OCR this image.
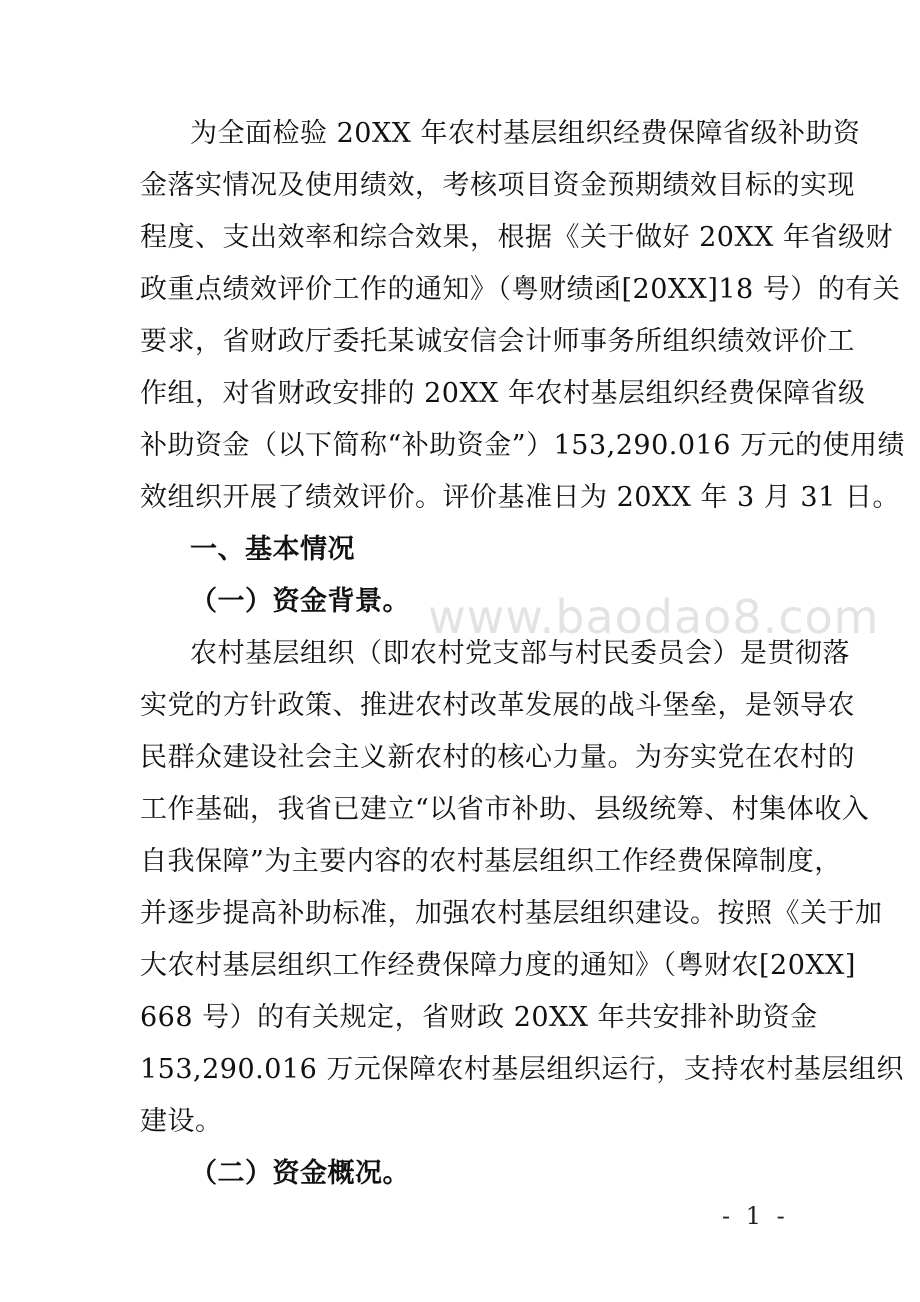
www.baodao8.com
为全面检验 20XX 年农村基层组织经费保障省级补助资
金落实情况及使用绩效，考核项目资金预期绩效目标的实现
程度、支出效率和综合效果，根据《关于做好 20XX 年省级财
政重点绩效评价工作的通知》（粤财绩函[20XX]18 号）的有关
要求，省财政厅委托某诚安信会计师事务所组织绩效评价工
作组，对省财政安排的 20XX 年农村基层组织经费保障省级
补助资金（以下简称“补助资金”）153,290.016 万元的使用绩
效组织开展了绩效评价。评价基准日为 20XX 年 3 月 31 日。
一、基本情况
（一）资金背景。
农村基层组织（即农村党支部与村民委员会）是贯彻落
实党的方针政策、推进农村改革发展的战斗堡垒，是领导农
民群众建设社会主义新农村的核心力量。为夯实党在农村的
工作基础，我省已建立“以省市补助、县级统筹、村集体收入
自我保障”为主要内容的农村基层组织工作经费保障制度，
并逐步提高补助标准，加强农村基层组织建设。按照《关于加
大农村基层组织工作经费保障力度的通知》（粤财农[20XX]
668 号）的有关规定，省财政 20XX 年共安排补助资金
153,290.016 万元保障农村基层组织运行，支持农村基层组织
建设。
（二）资金概况。
- 1 -
